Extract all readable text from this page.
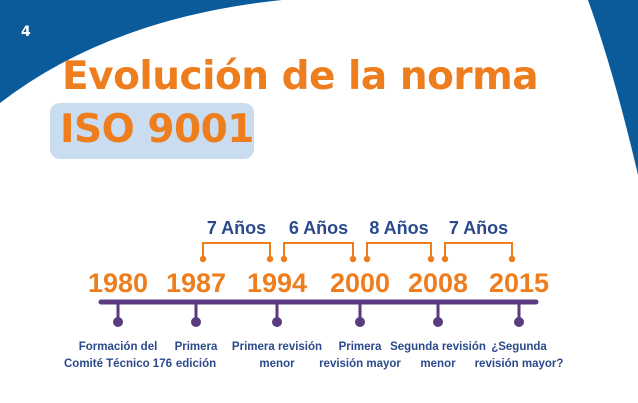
4
Evolución de la norma
ISO 9001
7 Años 6 Años 8 Años 7 Años
1980
Formación del
Comité Técnico 176
1987
Primera
edición
1994
Primera revisión
menor
2000
Primera
revisión mayor
2008
Segunda revisión
menor
2015
¿Segunda
revisión mayor?
